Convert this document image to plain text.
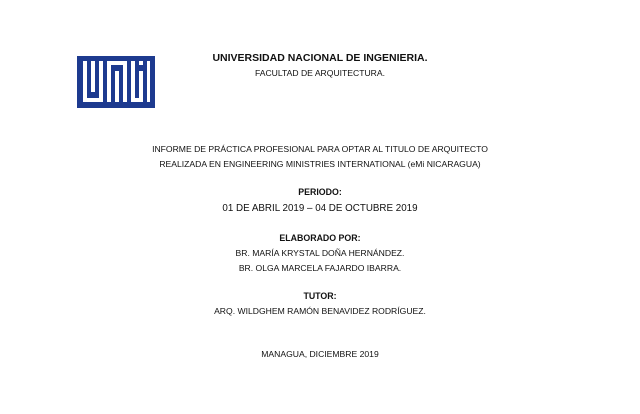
UNIVERSIDAD NACIONAL DE INGENIERIA.
FACULTAD DE ARQUITECTURA.
INFORME DE PRÁCTICA PROFESIONAL PARA OPTAR AL TITULO DE ARQUITECTO
REALIZADA EN ENGINEERING MINISTRIES INTERNATIONAL (eMi NICARAGUA)
PERIODO:
01 DE ABRIL 2019 – 04 DE OCTUBRE 2019
ELABORADO POR:
BR. MARÍA KRYSTAL DOÑA HERNÁNDEZ.
BR. OLGA MARCELA FAJARDO IBARRA.
TUTOR:
ARQ. WILDGHEM RAMÓN BENAVIDEZ RODRÍGUEZ.
MANAGUA, DICIEMBRE 2019
